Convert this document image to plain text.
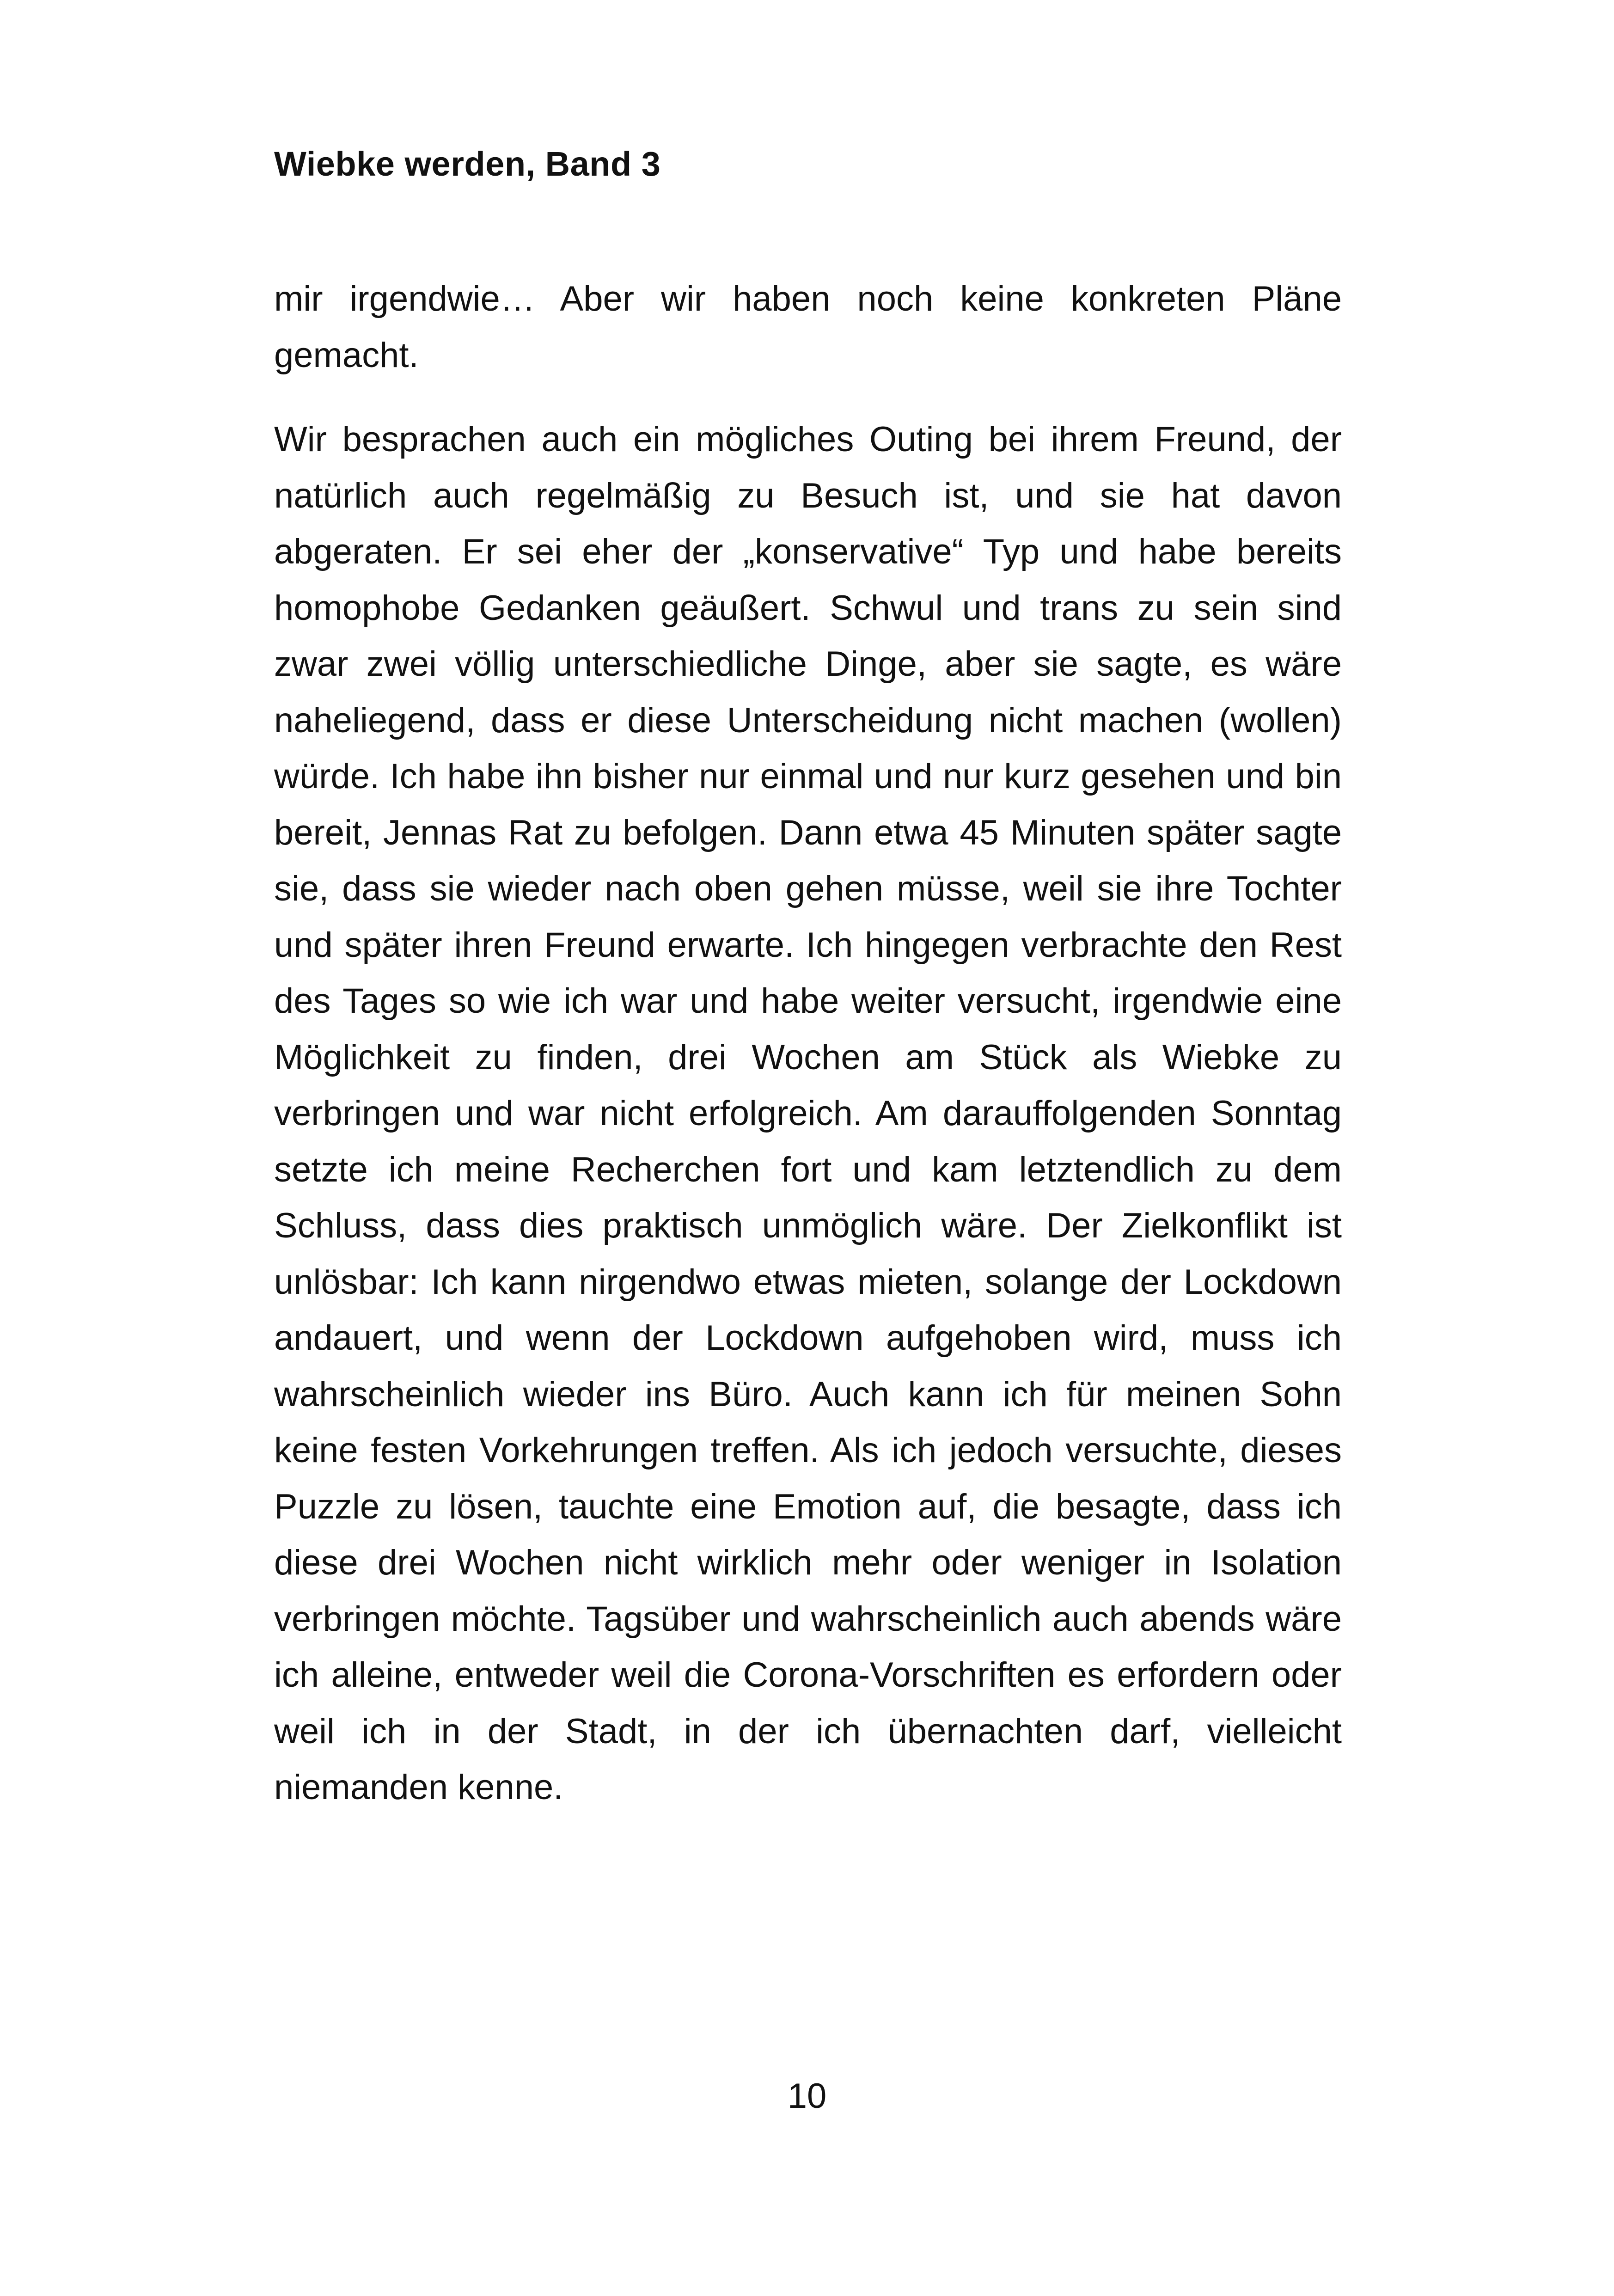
Wiebke werden, Band 3

mir irgendwie… Aber wir haben noch keine konkreten Pläne gemacht.

Wir besprachen auch ein mögliches Outing bei ihrem Freund, der natürlich auch regelmäßig zu Besuch ist, und sie hat davon abgeraten. Er sei eher der „konservative“ Typ und habe bereits homophobe Gedanken geäußert. Schwul und trans zu sein sind zwar zwei völlig unterschiedliche Dinge, aber sie sagte, es wäre naheliegend, dass er diese Unterscheidung nicht machen (wollen) würde. Ich habe ihn bisher nur einmal und nur kurz gesehen und bin bereit, Jennas Rat zu befolgen. Dann etwa 45 Minuten später sagte sie, dass sie wieder nach oben gehen müsse, weil sie ihre Tochter und später ihren Freund erwarte. Ich hingegen verbrachte den Rest des Tages so wie ich war und habe weiter versucht, irgendwie eine Möglichkeit zu finden, drei Wochen am Stück als Wiebke zu verbringen und war nicht erfolgreich. Am darauffolgenden Sonntag setzte ich meine Recherchen fort und kam letztendlich zu dem Schluss, dass dies praktisch unmöglich wäre. Der Zielkonflikt ist unlösbar: Ich kann nirgendwo etwas mieten, solange der Lockdown andauert, und wenn der Lockdown aufgehoben wird, muss ich wahrscheinlich wieder ins Büro. Auch kann ich für meinen Sohn keine festen Vorkehrungen treffen. Als ich jedoch versuchte, dieses Puzzle zu lösen, tauchte eine Emotion auf, die besagte, dass ich diese drei Wochen nicht wirklich mehr oder weniger in Isolation verbringen möchte. Tagsüber und wahrscheinlich auch abends wäre ich alleine, entweder weil die Corona-Vorschriften es erfordern oder weil ich in der Stadt, in der ich übernachten darf, vielleicht niemanden kenne.

10
